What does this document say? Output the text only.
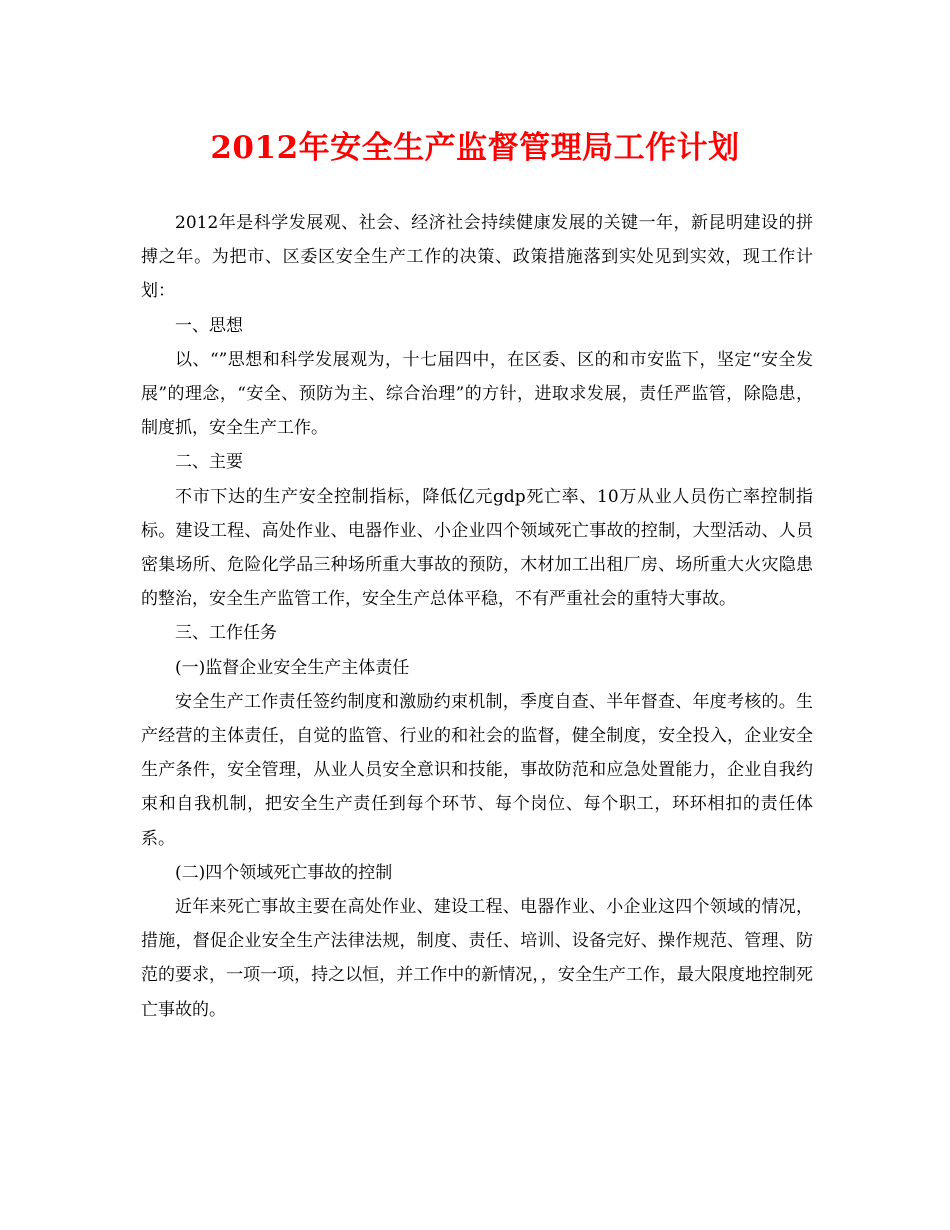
2012年安全生产监督管理局工作计划

2012年是科学发展观、社会、经济社会持续健康发展的关键一年，新昆明建设的拼搏之年。为把市、区委区安全生产工作的决策、政策措施落到实处见到实效，现工作计划：

一、思想

以、“”思想和科学发展观为，十七届四中，在区委、区的和市安监下，坚定“安全发展”的理念，“安全、预防为主、综合治理”的方针，进取求发展，责任严监管，除隐患，制度抓，安全生产工作。

二、主要

不市下达的生产安全控制指标，降低亿元gdp死亡率、10万从业人员伤亡率控制指标。建设工程、高处作业、电器作业、小企业四个领域死亡事故的控制，大型活动、人员密集场所、危险化学品三种场所重大事故的预防，木材加工出租厂房、场所重大火灾隐患的整治，安全生产监管工作，安全生产总体平稳，不有严重社会的重特大事故。

三、工作任务

(一)监督企业安全生产主体责任

安全生产工作责任签约制度和激励约束机制，季度自查、半年督查、年度考核的。生产经营的主体责任，自觉的监管、行业的和社会的监督，健全制度，安全投入，企业安全生产条件，安全管理，从业人员安全意识和技能，事故防范和应急处置能力，企业自我约束和自我机制，把安全生产责任到每个环节、每个岗位、每个职工，环环相扣的责任体系。

(二)四个领域死亡事故的控制

近年来死亡事故主要在高处作业、建设工程、电器作业、小企业这四个领域的情况，措施，督促企业安全生产法律法规，制度、责任、培训、设备完好、操作规范、管理、防范的要求，一项一项，持之以恒，并工作中的新情况，，安全生产工作，最大限度地控制死亡事故的。
